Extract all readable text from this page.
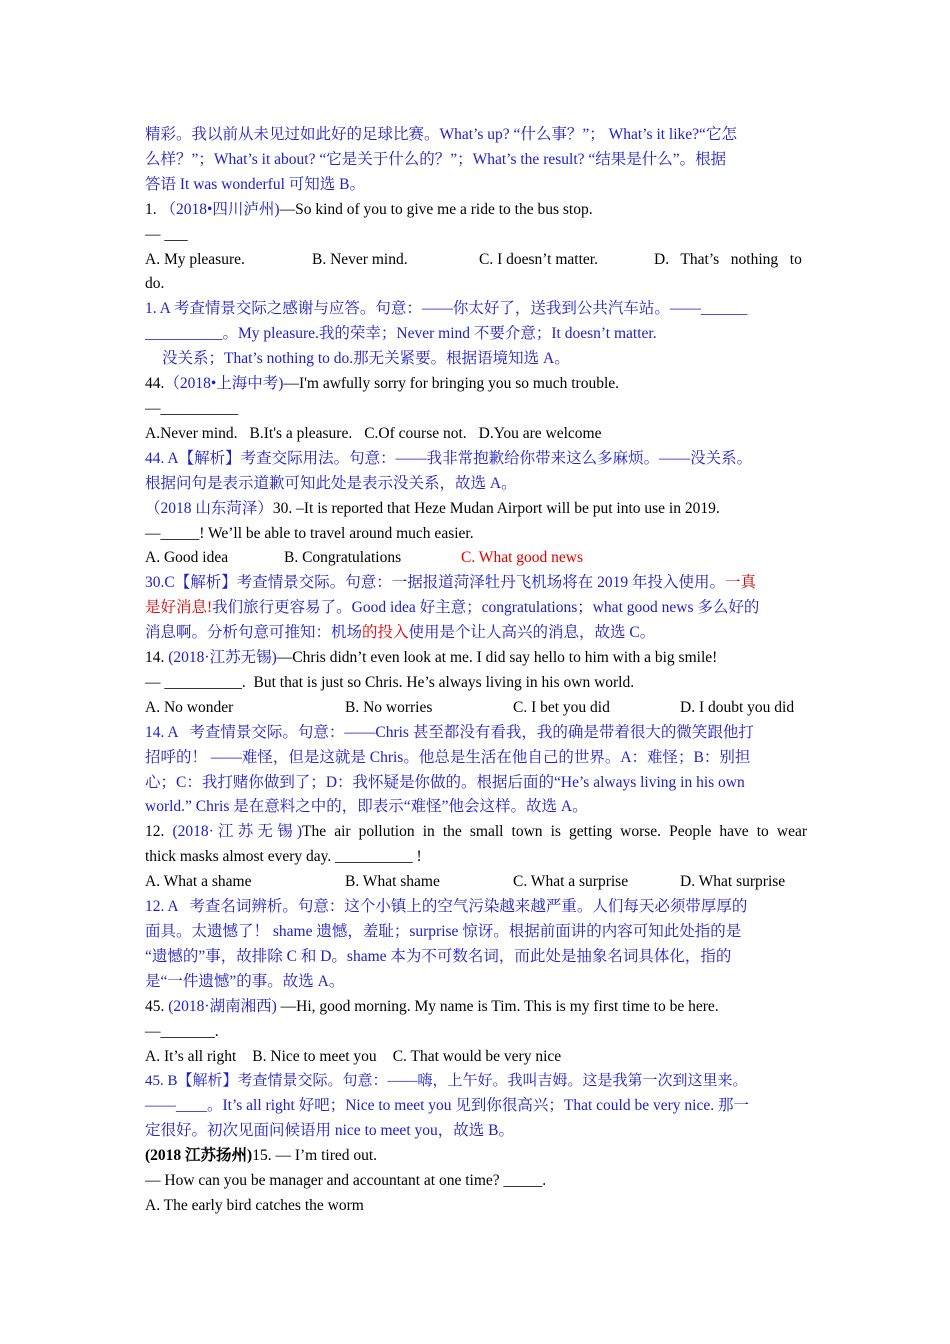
精彩。我以前从未见过如此好的足球比赛。What’s up? “什么事？”； What’s it like?“它怎

么样？”；What’s it about? “它是关于什么的？”；What’s the result? “结果是什么”。根据

答语 It was wonderful 可知选 B。

1. （2018•四川泸州)—So kind of you to give me a ride to the bus stop.

— ___

A. My pleasure.	B. Never mind.	C. I doesn’t matter.	D.   That’s   nothing   to

do.

1. A 考查情景交际之感谢与应答。句意：——你太好了，送我到公共汽车站。——______

__________。My pleasure.我的荣幸；Never mind 不要介意；It doesn’t matter.

没关系；That’s nothing to do.那无关紧要。根据语境知选 A。

44.（2018•上海中考)—I'm awfully sorry for bringing you so much trouble.

—__________

A.Never mind. B.It's a pleasure. C.Of course not. D.You are welcome

44. A【解析】考查交际用法。句意：——我非常抱歉给你带来这么多麻烦。——没关系。

根据问句是表示道歉可知此处是表示没关系，故选 A。

（2018 山东菏泽）30. –It is reported that Heze Mudan Airport will be put into use in 2019.

—_____! We’ll be able to travel around much easier.

A. Good idea	B. Congratulations	C. What good news

30.C【解析】考查情景交际。句意：一据报道菏泽牡丹飞机场将在 2019 年投入使用。一真

是好消息!我们旅行更容易了。Good idea 好主意；congratulations；what good news 多么好的

消息啊。分析句意可推知：机场的投入使用是个让人高兴的消息，故选 C。

14. (2018·江苏无锡)—Chris didn’t even look at me. I did say hello to him with a big smile!

— __________.  But that is just so Chris. He’s always living in his own world.

A. No wonder	B. No worries	C. I bet you did	D. I doubt you did

14. A   考查情景交际。句意：——Chris 甚至都没有看我，我的确是带着很大的微笑跟他打

招呼的！ ——难怪，但是这就是 Chris。他总是生活在他自己的世界。A：难怪；B：别担

心；C：我打赌你做到了；D：我怀疑是你做的。根据后面的“He’s always living in his own

world.” Chris 是在意料之中的，即表示“难怪”他会这样。故选 A。

12. (2018·江苏无锡)The air pollution in the small town is getting worse. People have to wear

thick masks almost every day. __________ !

A. What a shame	B. What shame	C. What a surprise	D. What surprise

12. A   考查名词辨析。句意：这个小镇上的空气污染越来越严重。人们每天必须带厚厚的

面具。太遗憾了！ shame 遗憾，羞耻；surprise 惊讶。根据前面讲的内容可知此处指的是

“遗憾的”事，故排除 C 和 D。shame 本为不可数名词，而此处是抽象名词具体化，指的

是“一件遗憾”的事。故选 A。

45. (2018·湖南湘西) —Hi, good morning. My name is Tim. This is my first time to be here.

—_______.

A. It’s all right B. Nice to meet you C. That would be very nice

45. B【解析】考查情景交际。句意：——嗨，上午好。我叫吉姆。这是我第一次到这里来。

——____。It’s all right 好吧；Nice to meet you 见到你很高兴；That could be very nice. 那一

定很好。初次见面问候语用 nice to meet you，故选 B。

(2018 江苏扬州)15. — I’m tired out.

— How can you be manager and accountant at one time? _____.

A. The early bird catches the worm
